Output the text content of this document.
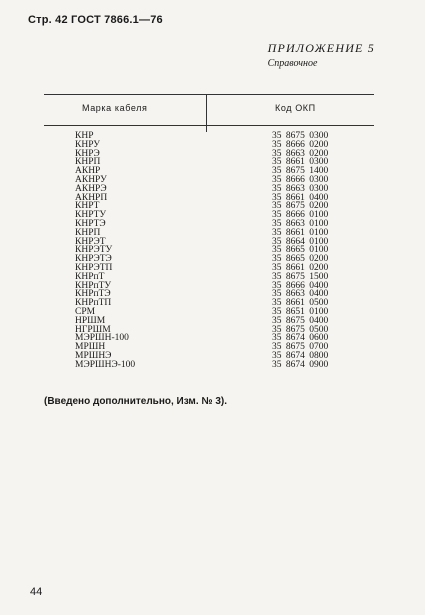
Стр. 42 ГОСТ 7866.1—76
ПРИЛОЖЕНИЕ 5
Справочное
Марка кабеля	Код ОКП
КНР	35 8675 0300
КНРУ	35 8666 0200
КНРЭ	35 8663 0200
КНРП	35 8661 0300
АКНР	35 8675 1400
АКНРУ	35 8666 0300
АКНРЭ	35 8663 0300
АКНРП	35 8661 0400
КНРТ	35 8675 0200
КНРТУ	35 8666 0100
КНРТЭ	35 8663 0100
КНРП	35 8661 0100
КНРЭТ	35 8664 0100
КНРЭТУ	35 8665 0100
КНРЭТЭ	35 8665 0200
КНРЭТП	35 8661 0200
КНРпТ	35 8675 1500
КНРпТУ	35 8666 0400
КНРпТЭ	35 8663 0400
КНРпТП	35 8661 0500
СРМ	35 8651 0100
НРШМ	35 8675 0400
НГРШМ	35 8675 0500
МЭРШН-100	35 8674 0600
МРШН	35 8675 0700
МРШНЭ	35 8674 0800
МЭРШНЭ-100	35 8674 0900
(Введено дополнительно, Изм. № 3).
44
